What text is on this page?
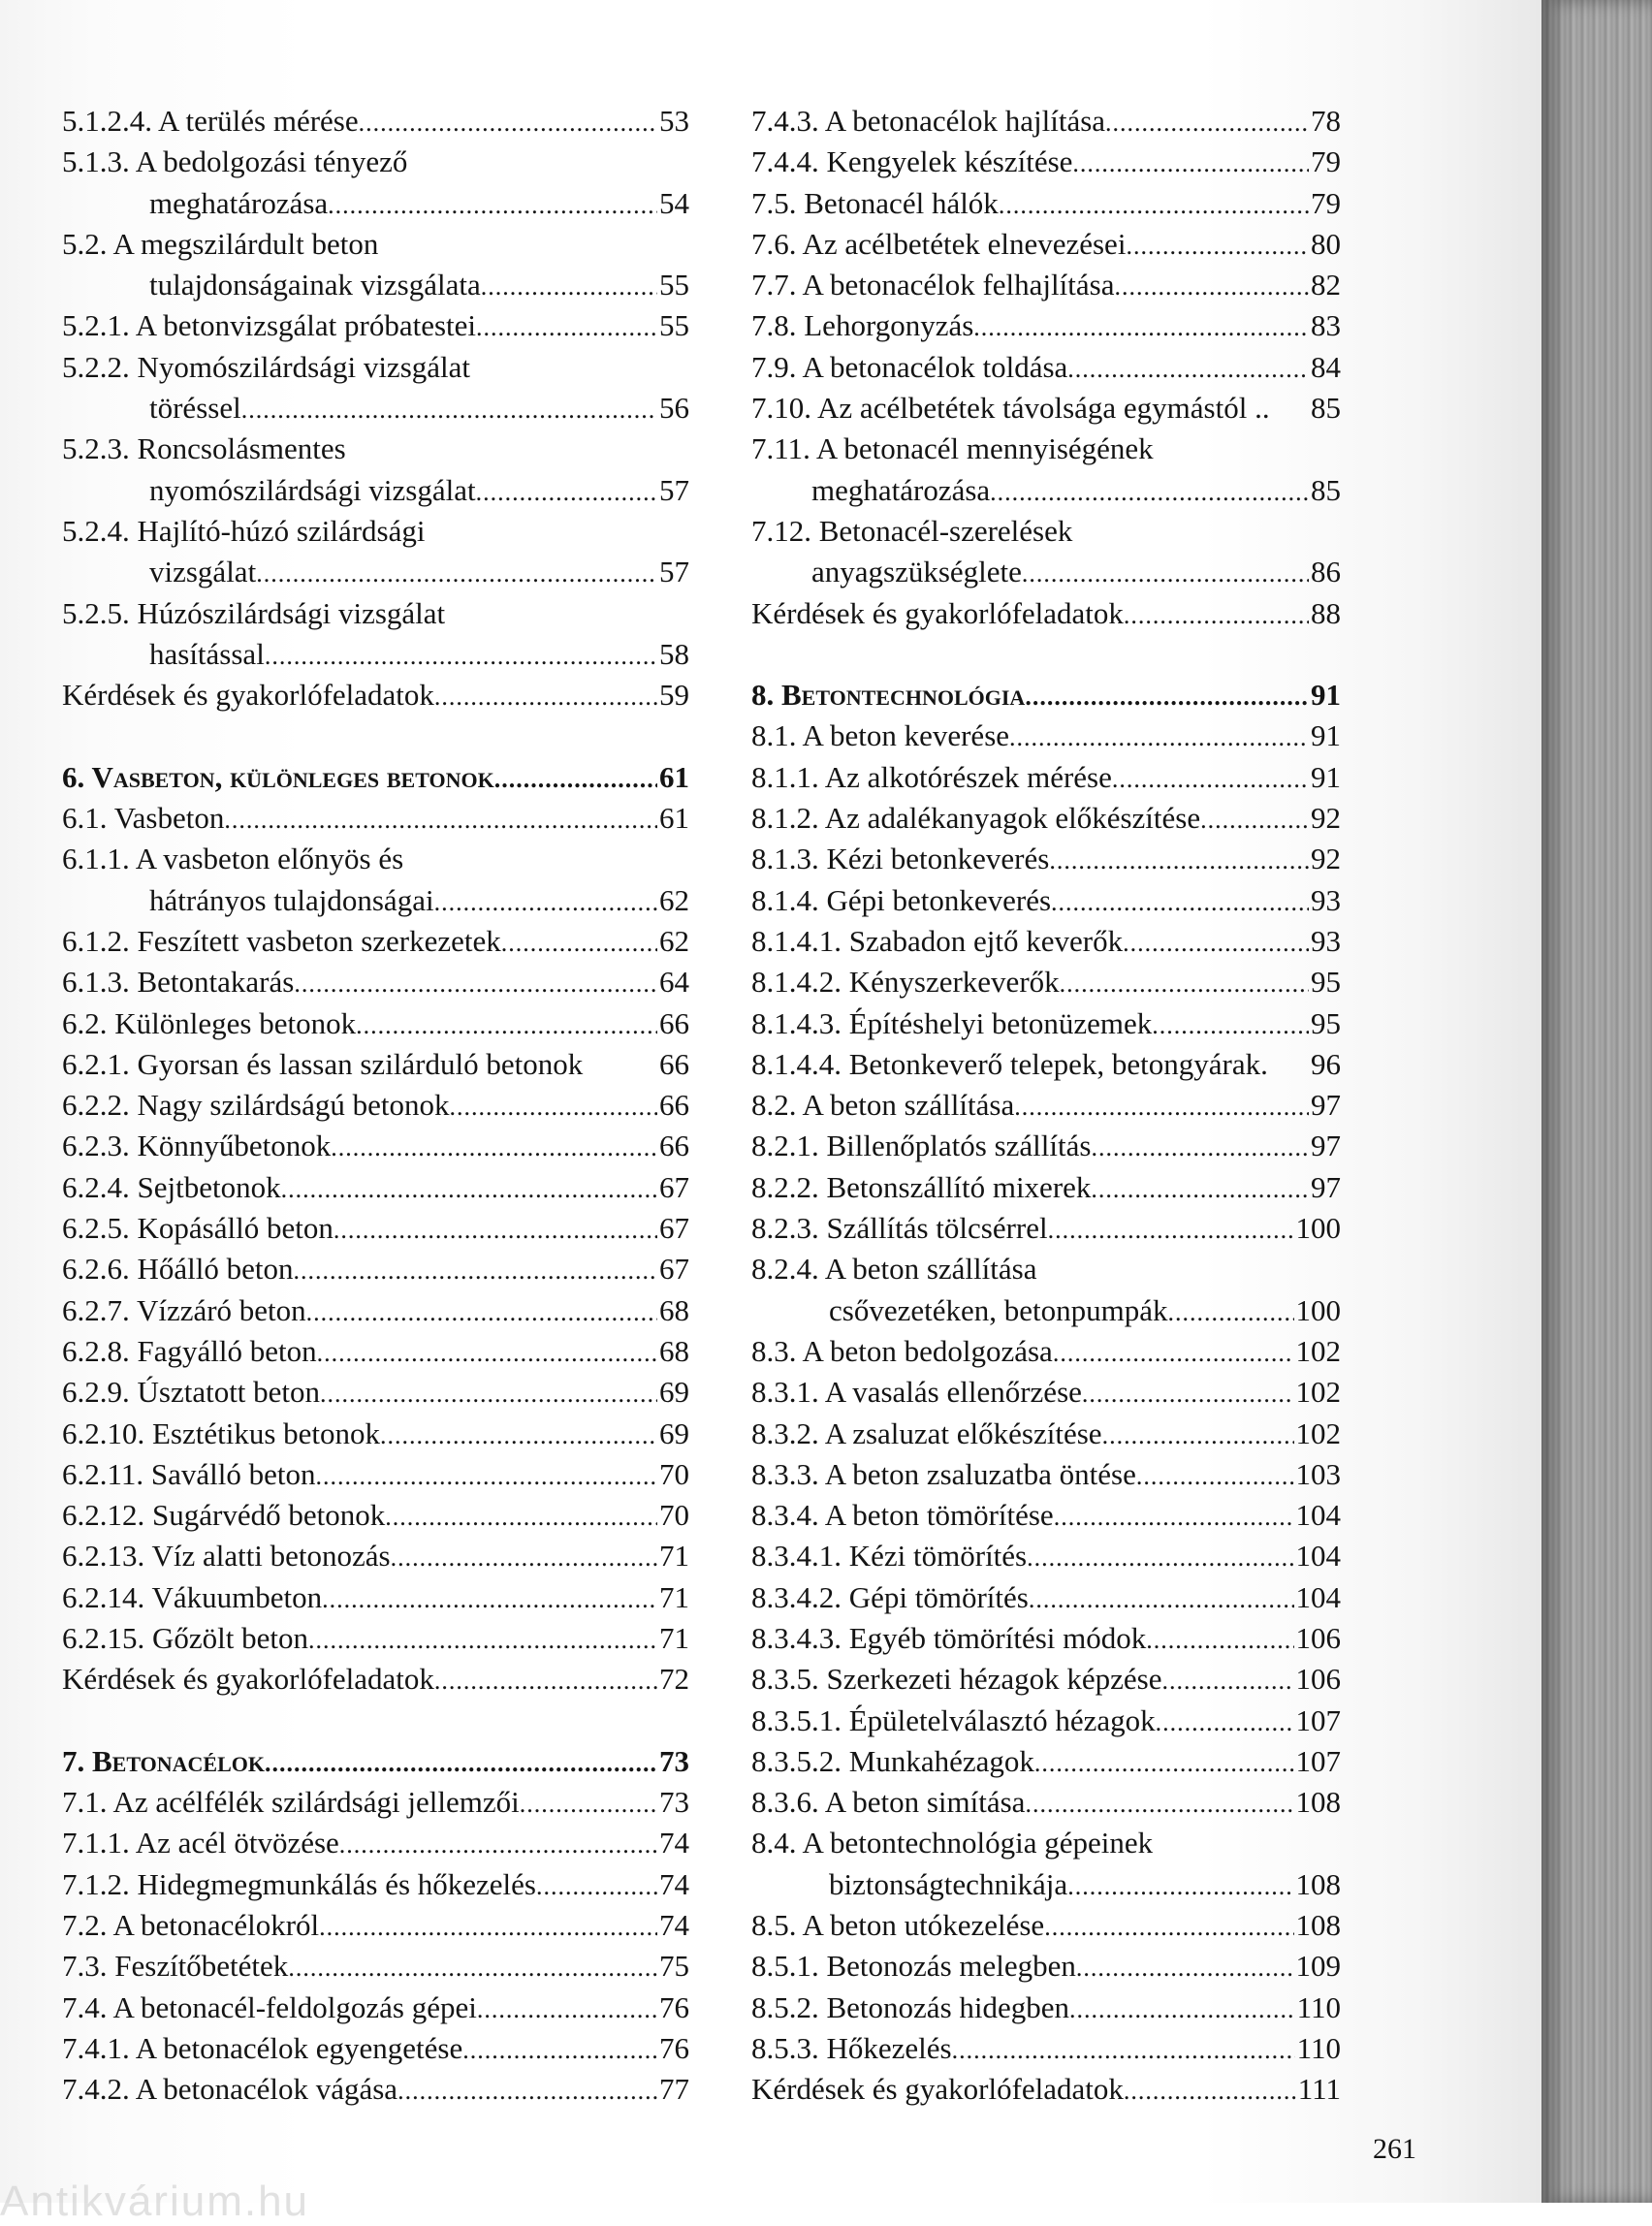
5.1.2.4. A terülés mérése .....	53
5.1.3. A bedolgozási tényező
meghatározása .....	54
5.2. A megszilárdult beton
tulajdonságainak vizsgálata .....	55
5.2.1. A betonvizsgálat próbatestei .....	55
5.2.2. Nyomószilárdsági vizsgálat
töréssel .....	56
5.2.3. Roncsolásmentes
nyomószilárdsági vizsgálat .....	57
5.2.4. Hajlító-húzó szilárdsági
vizsgálat .....	57
5.2.5. Húzószilárdsági vizsgálat
hasítással .....	58
Kérdések és gyakorlófeladatok .....	59
6. Vasbeton, különleges betonok .....	61
6.1. Vasbeton .....	61
6.1.1. A vasbeton előnyös és
hátrányos tulajdonságai .....	62
6.1.2. Feszített vasbeton szerkezetek .....	62
6.1.3. Betontakarás .....	64
6.2. Különleges betonok .....	66
6.2.1. Gyorsan és lassan szilárduló betonok	66
6.2.2. Nagy szilárdságú betonok .....	66
6.2.3. Könnyűbetonok .....	66
6.2.4. Sejtbetonok .....	67
6.2.5. Kopásálló beton .....	67
6.2.6. Hőálló beton .....	67
6.2.7. Vízzáró beton .....	68
6.2.8. Fagyálló beton .....	68
6.2.9. Úsztatott beton .....	69
6.2.10. Esztétikus betonok .....	69
6.2.11. Saválló beton .....	70
6.2.12. Sugárvédő betonok .....	70
6.2.13. Víz alatti betonozás .....	71
6.2.14. Vákuumbeton .....	71
6.2.15. Gőzölt beton .....	71
Kérdések és gyakorlófeladatok .....	72
7. Betonacélok .....	73
7.1. Az acélfélék szilárdsági jellemzői .....	73
7.1.1. Az acél ötvözése .....	74
7.1.2. Hidegmegmunkálás és hőkezelés .....	74
7.2. A betonacélokról .....	74
7.3. Feszítőbetétek .....	75
7.4. A betonacél-feldolgozás gépei .....	76
7.4.1. A betonacélok egyengetése .....	76
7.4.2. A betonacélok vágása .....	77
7.4.3. A betonacélok hajlítása .....	78
7.4.4. Kengyelek készítése .....	79
7.5. Betonacél hálók .....	79
7.6. Az acélbetétek elnevezései .....	80
7.7. A betonacélok felhajlítása .....	82
7.8. Lehorgonyzás .....	83
7.9. A betonacélok toldása .....	84
7.10. Az acélbetétek távolsága egymástól .. 85
7.11. A betonacél mennyiségének
meghatározása .....	85
7.12. Betonacél-szerelések
anyagszükséglete .....	86
Kérdések és gyakorlófeladatok .....	88
8. Betontechnológia .....	91
8.1. A beton keverése .....	91
8.1.1. Az alkotórészek mérése .....	91
8.1.2. Az adalékanyagok előkészítése .....	92
8.1.3. Kézi betonkeverés .....	92
8.1.4. Gépi betonkeverés .....	93
8.1.4.1. Szabadon ejtő keverők .....	93
8.1.4.2. Kényszerkeverők .....	95
8.1.4.3. Építéshelyi betonüzemek .....	95
8.1.4.4. Betonkeverő telepek, betongyárak. 96
8.2. A beton szállítása .....	97
8.2.1. Billenőplatós szállítás .....	97
8.2.2. Betonszállító mixerek .....	97
8.2.3. Szállítás tölcsérrel .....	100
8.2.4. A beton szállítása
csővezetéken, betonpumpák .....	100
8.3. A beton bedolgozása .....	102
8.3.1. A vasalás ellenőrzése .....	102
8.3.2. A zsaluzat előkészítése .....	102
8.3.3. A beton zsaluzatba öntése .....	103
8.3.4. A beton tömörítése .....	104
8.3.4.1. Kézi tömörítés .....	104
8.3.4.2. Gépi tömörítés .....	104
8.3.4.3. Egyéb tömörítési módok .....	106
8.3.5. Szerkezeti hézagok képzése .....	106
8.3.5.1. Épületelválasztó hézagok .....	107
8.3.5.2. Munkahézagok .....	107
8.3.6. A beton simítása .....	108
8.4. A betontechnológia gépeinek
biztonságtechnikája .....	108
8.5. A beton utókezelése .....	108
8.5.1. Betonozás melegben .....	109
8.5.2. Betonozás hidegben .....	110
8.5.3. Hőkezelés .....	110
Kérdések és gyakorlófeladatok .....	111
261
Antikvárium.hu
